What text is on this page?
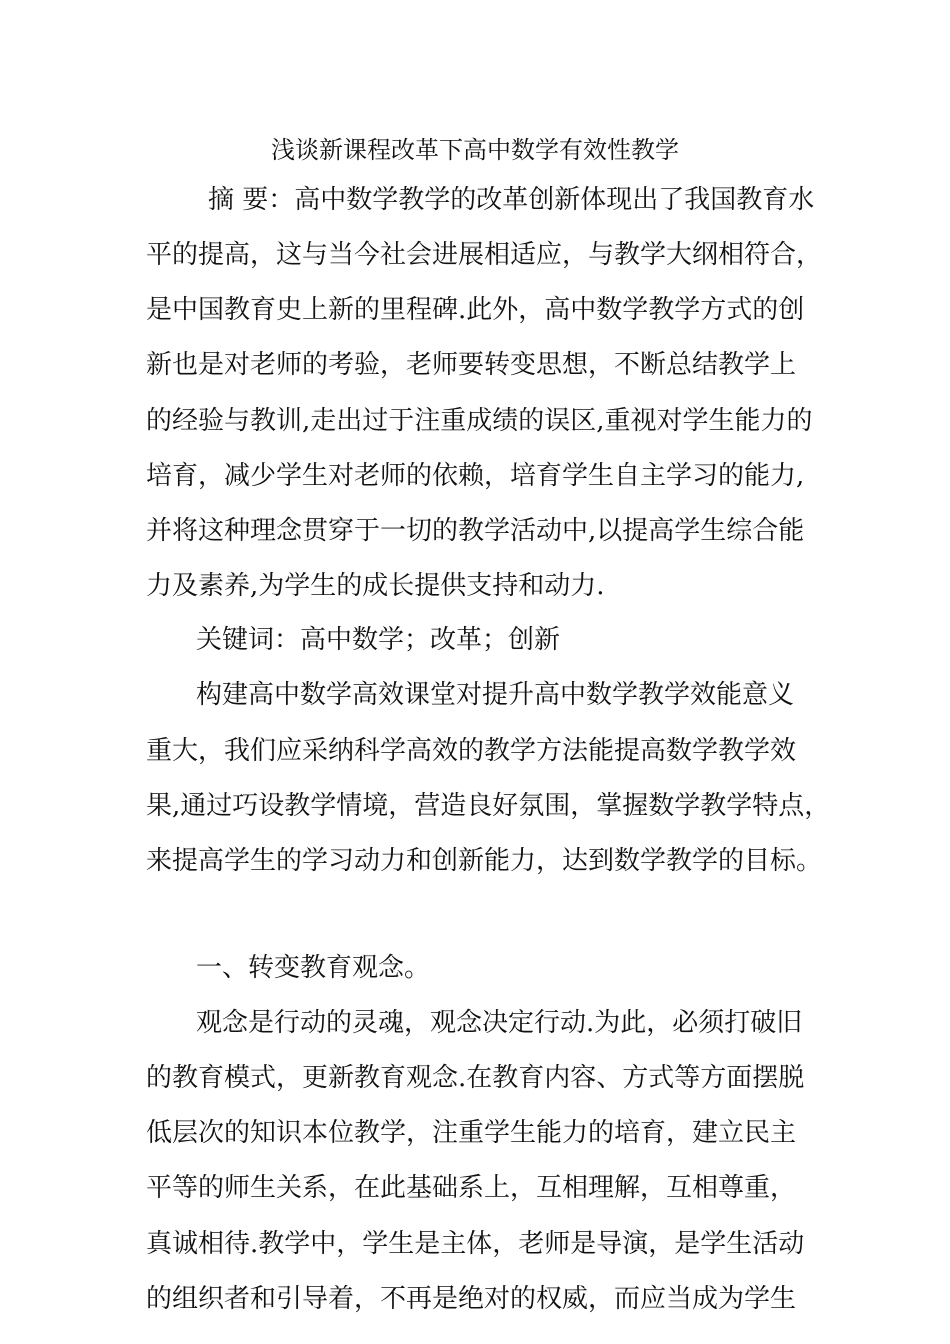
浅谈新课程改革下高中数学有效性教学
摘 要：高中数学教学的改革创新体现出了我国教育水
平的提高，这与当今社会进展相适应，与教学大纲相符合，
是中国教育史上新的里程碑.此外，高中数学教学方式的创
新也是对老师的考验，老师要转变思想，不断总结教学上
的经验与教训,走出过于注重成绩的误区,重视对学生能力的
培育，减少学生对老师的依赖，培育学生自主学习的能力,
并将这种理念贯穿于一切的教学活动中,以提高学生综合能
力及素养,为学生的成长提供支持和动力.
关键词：高中数学；改革；创新
构建高中数学高效课堂对提升高中数学教学效能意义
重大，我们应采纳科学高效的教学方法能提高数学教学效
果,通过巧设教学情境，营造良好氛围，掌握数学教学特点，
来提高学生的学习动力和创新能力，达到数学教学的目标。
一、转变教育观念。
观念是行动的灵魂，观念决定行动.为此，必须打破旧
的教育模式，更新教育观念.在教育内容、方式等方面摆脱
低层次的知识本位教学，注重学生能力的培育，建立民主
平等的师生关系，在此基础系上，互相理解，互相尊重，
真诚相待.教学中，学生是主体，老师是导演，是学生活动
的组织者和引导着，不再是绝对的权威，而应当成为学生
